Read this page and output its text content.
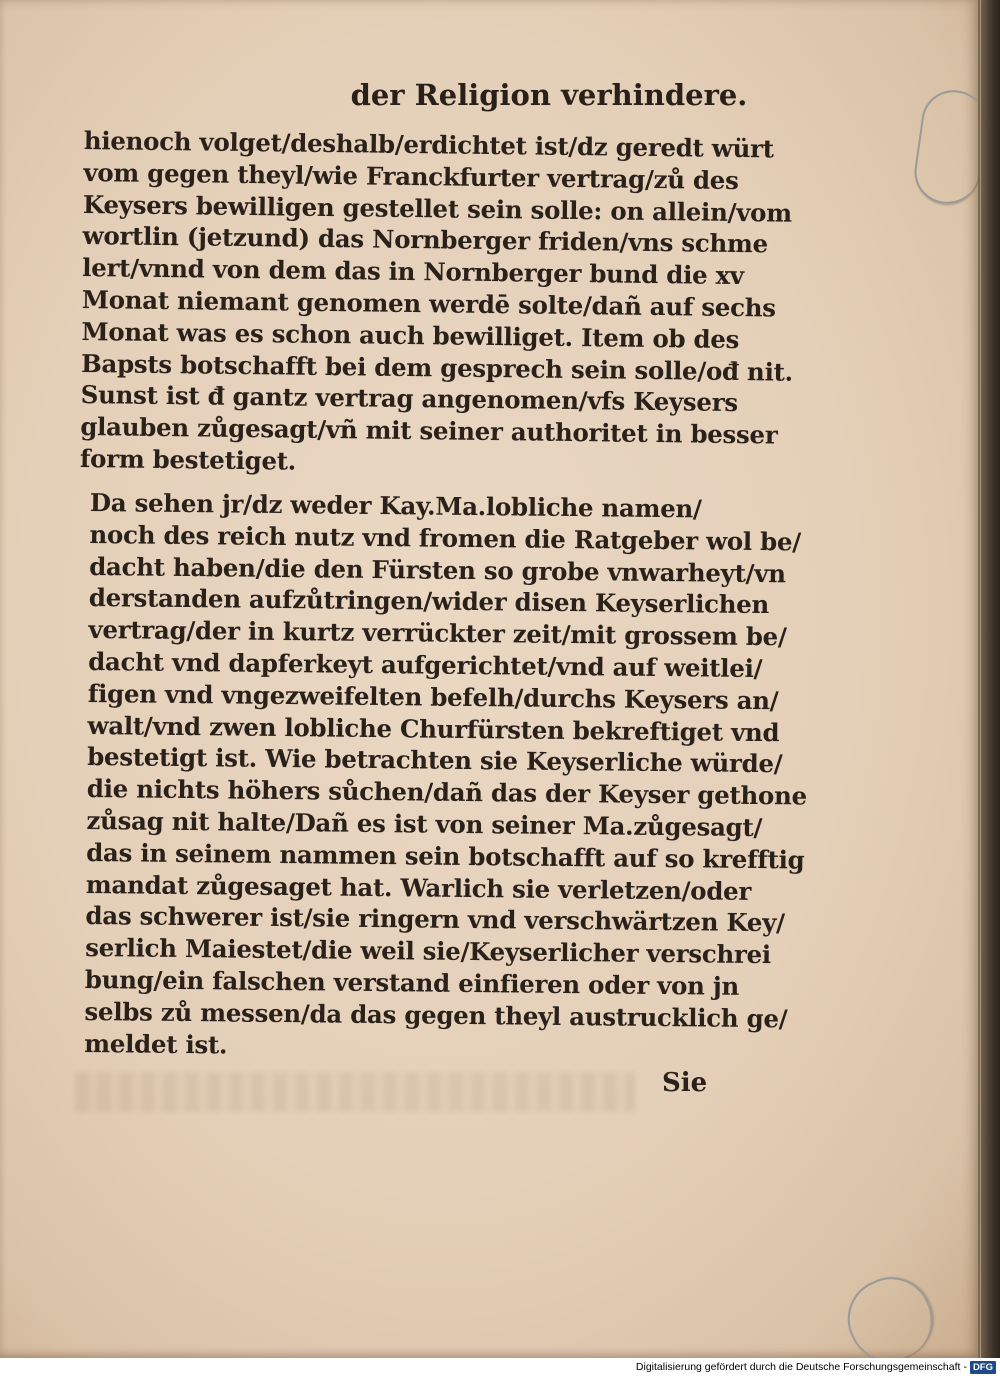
der Religion verhindere.
hienoch volget/deshalb/erdichtet ist/dz geredt würt
vom gegen theyl/wie Franckfurter vertrag/zů des
Keysers bewilligen gestellet sein solle: on allein/vom
wortlin (jetzund) das Nornberger friden/vns schme
lert/vnnd von dem das in Nornberger bund die xv
Monat niemant genomen werdē solte/dañ auf sechs
Monat was es schon auch bewilliget. Item ob des
Bapsts botschafft bei dem gesprech sein solle/ođ nit.
Sunst ist đ gantz vertrag angenomen/vfs Keysers
glauben zůgesagt/vñ mit seiner authoritet in besser
form bestetiget.
Da sehen jr/dz weder Kay.Ma.lobliche namen/
noch des reich nutz vnd fromen die Ratgeber wol be/
dacht haben/die den Fürsten so grobe vnwarheyt/vn
derstanden aufzůtringen/wider disen Keyserlichen
vertrag/der in kurtz verrückter zeit/mit grossem be/
dacht vnd dapferkeyt aufgerichtet/vnd auf weitlei/
figen vnd vngezweifelten befelh/durchs Keysers an/
walt/vnd zwen lobliche Churfürsten bekreftiget vnd
bestetigt ist. Wie betrachten sie Keyserliche würde/
die nichts höhers sůchen/dañ das der Keyser gethone
zůsag nit halte/Dañ es ist von seiner Ma.zůgesagt/
das in seinem nammen sein botschafft auf so krefftig
mandat zůgesaget hat. Warlich sie verletzen/oder
das schwerer ist/sie ringern vnd verschwärtzen Key/
serlich Maiestet/die weil sie/Keyserlicher verschrei
bung/ein falschen verstand einfieren oder von jn
selbs zů messen/da das gegen theyl austrucklich ge/
meldet ist.
Sie
Digitalisierung gefördert durch die Deutsche Forschungsgemeinschaft - DFG
